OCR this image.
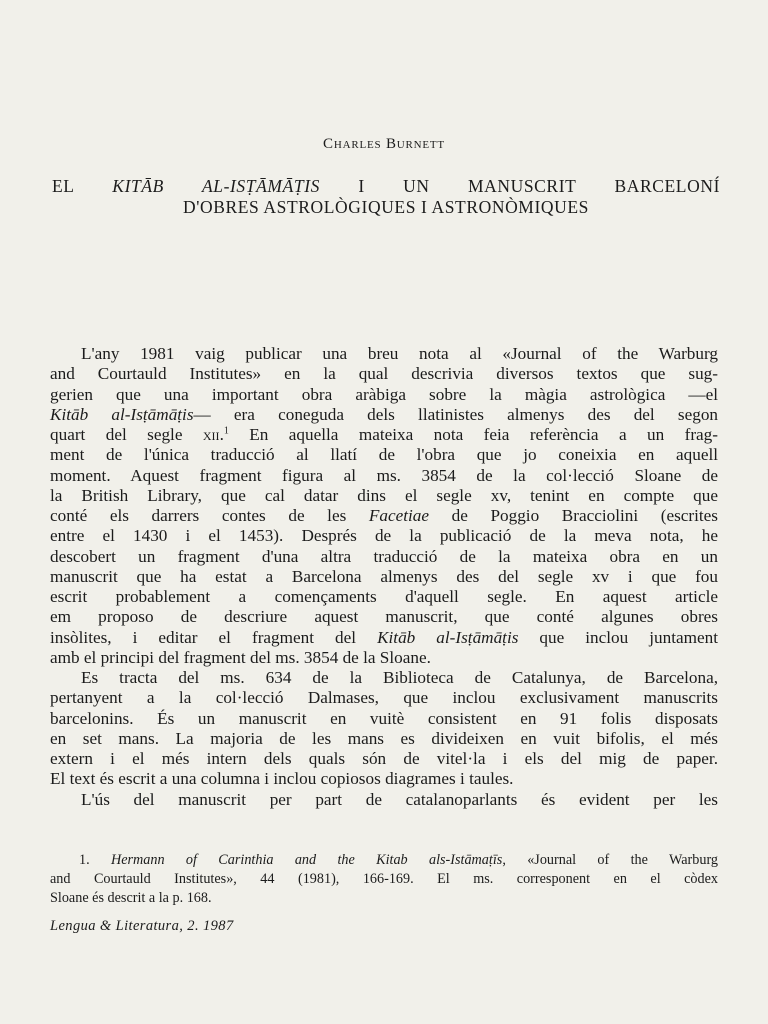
Charles Burnett
EL KITĀB AL-ISṬĀMĀṬIS I UN MANUSCRIT BARCELONÍ
D'OBRES ASTROLÒGIQUES I ASTRONÒMIQUES
L'any 1981 vaig publicar una breu nota al «Journal of the Warburg
and Courtauld Institutes» en la qual descrivia diversos textos que sug-
gerien que una important obra aràbiga sobre la màgia astrològica —el
Kitāb al-Isṭāmāṭis— era coneguda dels llatinistes almenys des del segon
quart del segle xii.$^1$ En aquella mateixa nota feia referència a un frag-
ment de l'única traducció al llatí de l'obra que jo coneixia en aquell
moment. Aquest fragment figura al ms. 3854 de la col·lecció Sloane de
la British Library, que cal datar dins el segle xv, tenint en compte que
conté els darrers contes de les Facetiae de Poggio Bracciolini (escrites
entre el 1430 i el 1453). Després de la publicació de la meva nota, he
descobert un fragment d'una altra traducció de la mateixa obra en un
manuscrit que ha estat a Barcelona almenys des del segle xv i que fou
escrit probablement a començaments d'aquell segle. En aquest article
em proposo de descriure aquest manuscrit, que conté algunes obres
insòlites, i editar el fragment del Kitāb al-Isṭāmāṭis que inclou juntament
amb el principi del fragment del ms. 3854 de la Sloane.
Es tracta del ms. 634 de la Biblioteca de Catalunya, de Barcelona,
pertanyent a la col·lecció Dalmases, que inclou exclusivament manuscrits
barcelonins. És un manuscrit en vuitè consistent en 91 folis disposats
en set mans. La majoria de les mans es divideixen en vuit bifolis, el més
extern i el més intern dels quals són de vitel·la i els del mig de paper.
El text és escrit a una columna i inclou copiosos diagrames i taules.
L'ús del manuscrit per part de catalanoparlants és evident per les
1. Hermann of Carinthia and the Kitab als-Istāmaṭīs, «Journal of the Warburg
and Courtauld Institutes», 44 (1981), 166-169. El ms. corresponent en el còdex
Sloane és descrit a la p. 168.
Lengua & Literatura, 2. 1987
